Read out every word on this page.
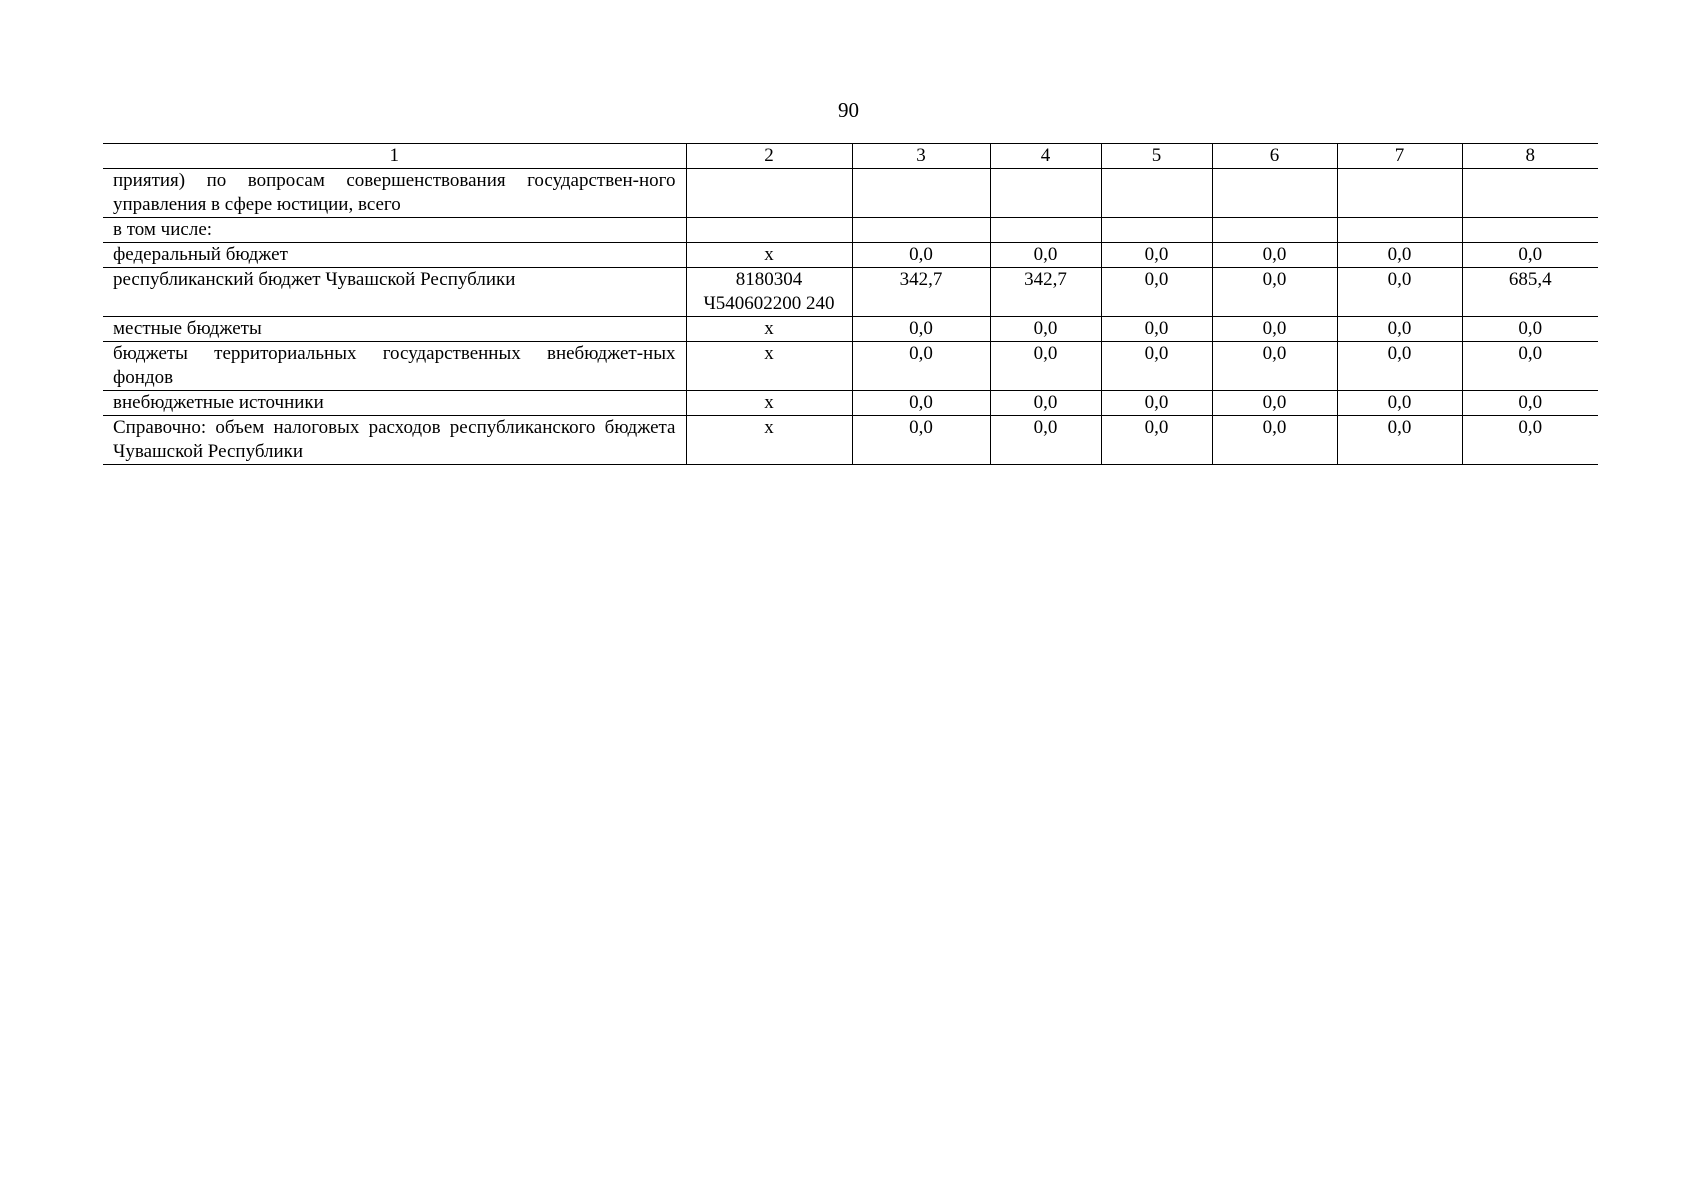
90
1	2	3	4	5	6	7	8
приятия) по вопросам совершенствования государствен-ного управления в сфере юстиции, всего							
в том числе:							
федеральный бюджет	x	0,0	0,0	0,0	0,0	0,0	0,0
республиканский бюджет Чувашской Республики	8180304 Ч540602200 240	342,7	342,7	0,0	0,0	0,0	685,4
местные бюджеты	x	0,0	0,0	0,0	0,0	0,0	0,0
бюджеты территориальных государственных внебюджет-ных фондов	x	0,0	0,0	0,0	0,0	0,0	0,0
внебюджетные источники	x	0,0	0,0	0,0	0,0	0,0	0,0
Справочно: объем налоговых расходов республиканского бюджета Чувашской Республики	x	0,0	0,0	0,0	0,0	0,0	0,0
